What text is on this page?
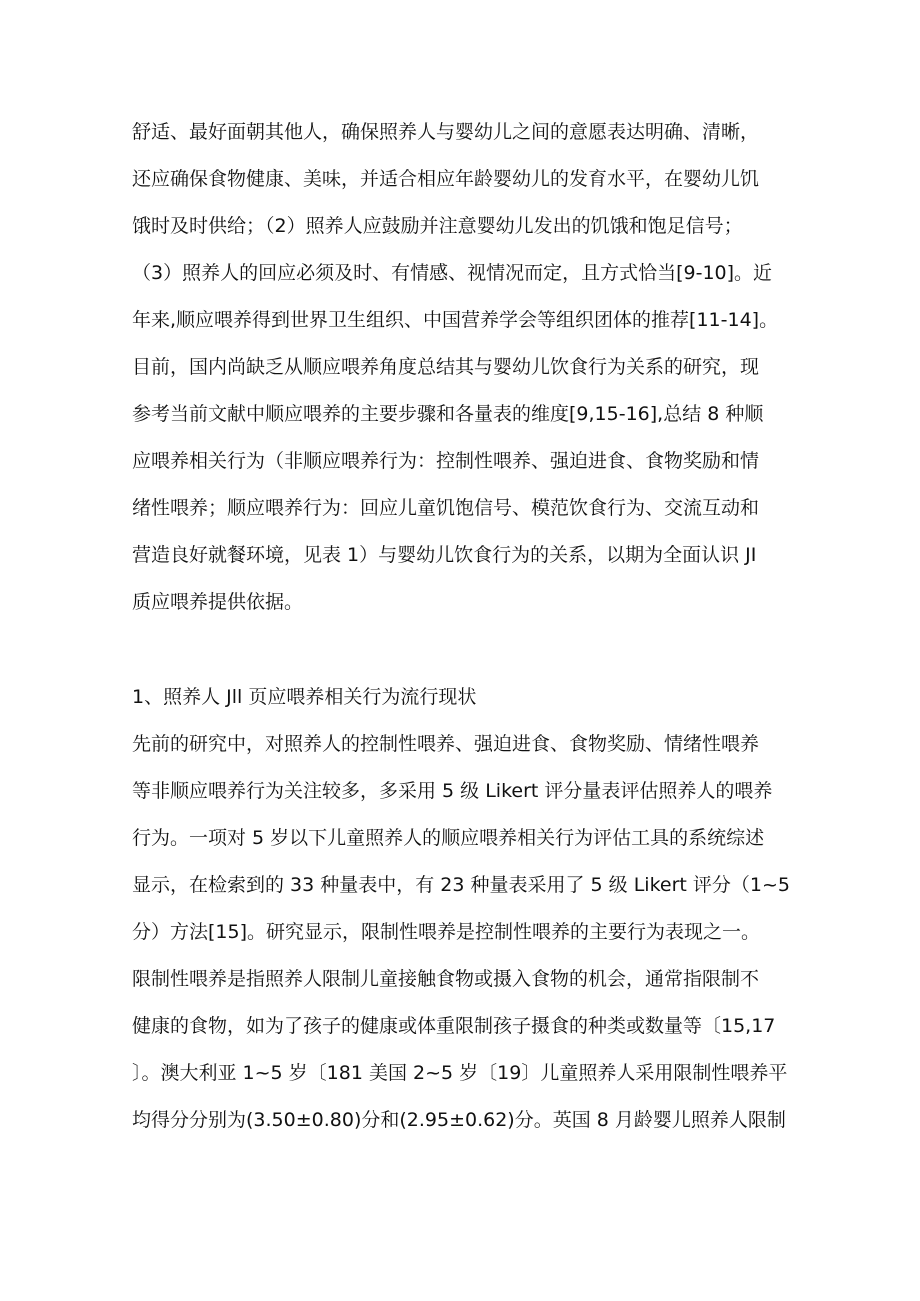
舒适、最好面朝其他人，确保照养人与婴幼儿之间的意愿表达明确、清晰，
还应确保食物健康、美味，并适合相应年龄婴幼儿的发育水平，在婴幼儿饥
饿时及时供给；（2）照养人应鼓励并注意婴幼儿发出的饥饿和饱足信号；
（3）照养人的回应必须及时、有情感、视情况而定，且方式恰当[9-10]。近
年来,顺应喂养得到世界卫生组织、中国营养学会等组织团体的推荐[11-14]。
目前，国内尚缺乏从顺应喂养角度总结其与婴幼儿饮食行为关系的研究，现
参考当前文献中顺应喂养的主要步骤和各量表的维度[9,15-16],总结 8 种顺
应喂养相关行为（非顺应喂养行为：控制性喂养、强迫进食、食物奖励和情
绪性喂养；顺应喂养行为：回应儿童饥饱信号、模范饮食行为、交流互动和
营造良好就餐环境，见表 1）与婴幼儿饮食行为的关系，以期为全面认识 JI
质应喂养提供依据。
1、照养人 Jll 页应喂养相关行为流行现状
先前的研究中，对照养人的控制性喂养、强迫进食、食物奖励、情绪性喂养
等非顺应喂养行为关注较多，多采用 5 级 Likert 评分量表评估照养人的喂养
行为。一项对 5 岁以下儿童照养人的顺应喂养相关行为评估工具的系统综述
显示，在检索到的 33 种量表中，有 23 种量表采用了 5 级 Likert 评分（1~5
分）方法[15]。研究显示，限制性喂养是控制性喂养的主要行为表现之一。
限制性喂养是指照养人限制儿童接触食物或摄入食物的机会，通常指限制不
健康的食物，如为了孩子的健康或体重限制孩子摄食的种类或数量等〔15,17
〕。澳大利亚 1~5 岁〔181 美国 2~5 岁〔19〕儿童照养人采用限制性喂养平
均得分分别为(3.50±0.80)分和(2.95±0.62)分。英国 8 月龄婴儿照养人限制
